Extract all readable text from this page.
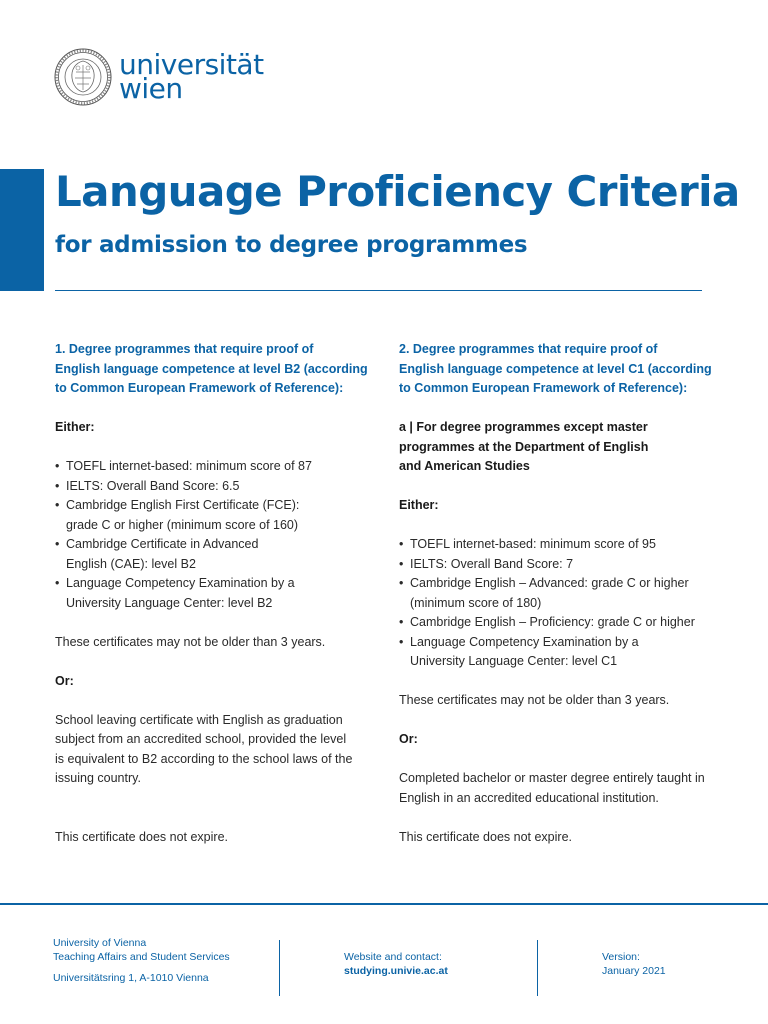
universität
wien
Language Proficiency Criteria
for admission to degree programmes
1. Degree programmes that require proof of
English language competence at level B2 (according
to Common European Framework of Reference):
Either:
• TOEFL internet-based: minimum score of 87
• IELTS: Overall Band Score: 6.5
• Cambridge English First Certificate (FCE):
grade C or higher (minimum score of 160)
• Cambridge Certificate in Advanced
English (CAE): level B2
• Language Competency Examination by a
University Language Center: level B2
These certificates may not be older than 3 years.
Or:
School leaving certificate with English as graduation
subject from an accredited school, provided the level
is equivalent to B2 according to the school laws of the
issuing country.
This certificate does not expire.
2. Degree programmes that require proof of
English language competence at level C1 (according
to Common European Framework of Reference):
a | For degree programmes except master
programmes at the Department of English
and American Studies
Either:
• TOEFL internet-based: minimum score of 95
• IELTS: Overall Band Score: 7
• Cambridge English – Advanced: grade C or higher
(minimum score of 180)
• Cambridge English – Proficiency: grade C or higher
• Language Competency Examination by a
University Language Center: level C1
These certificates may not be older than 3 years.
Or:
Completed bachelor or master degree entirely taught in
English in an accredited educational institution.
This certificate does not expire.
University of Vienna
Teaching Affairs and Student Services
Universitätsring 1, A-1010 Vienna
Website and contact:
studying.univie.ac.at
Version:
January 2021
